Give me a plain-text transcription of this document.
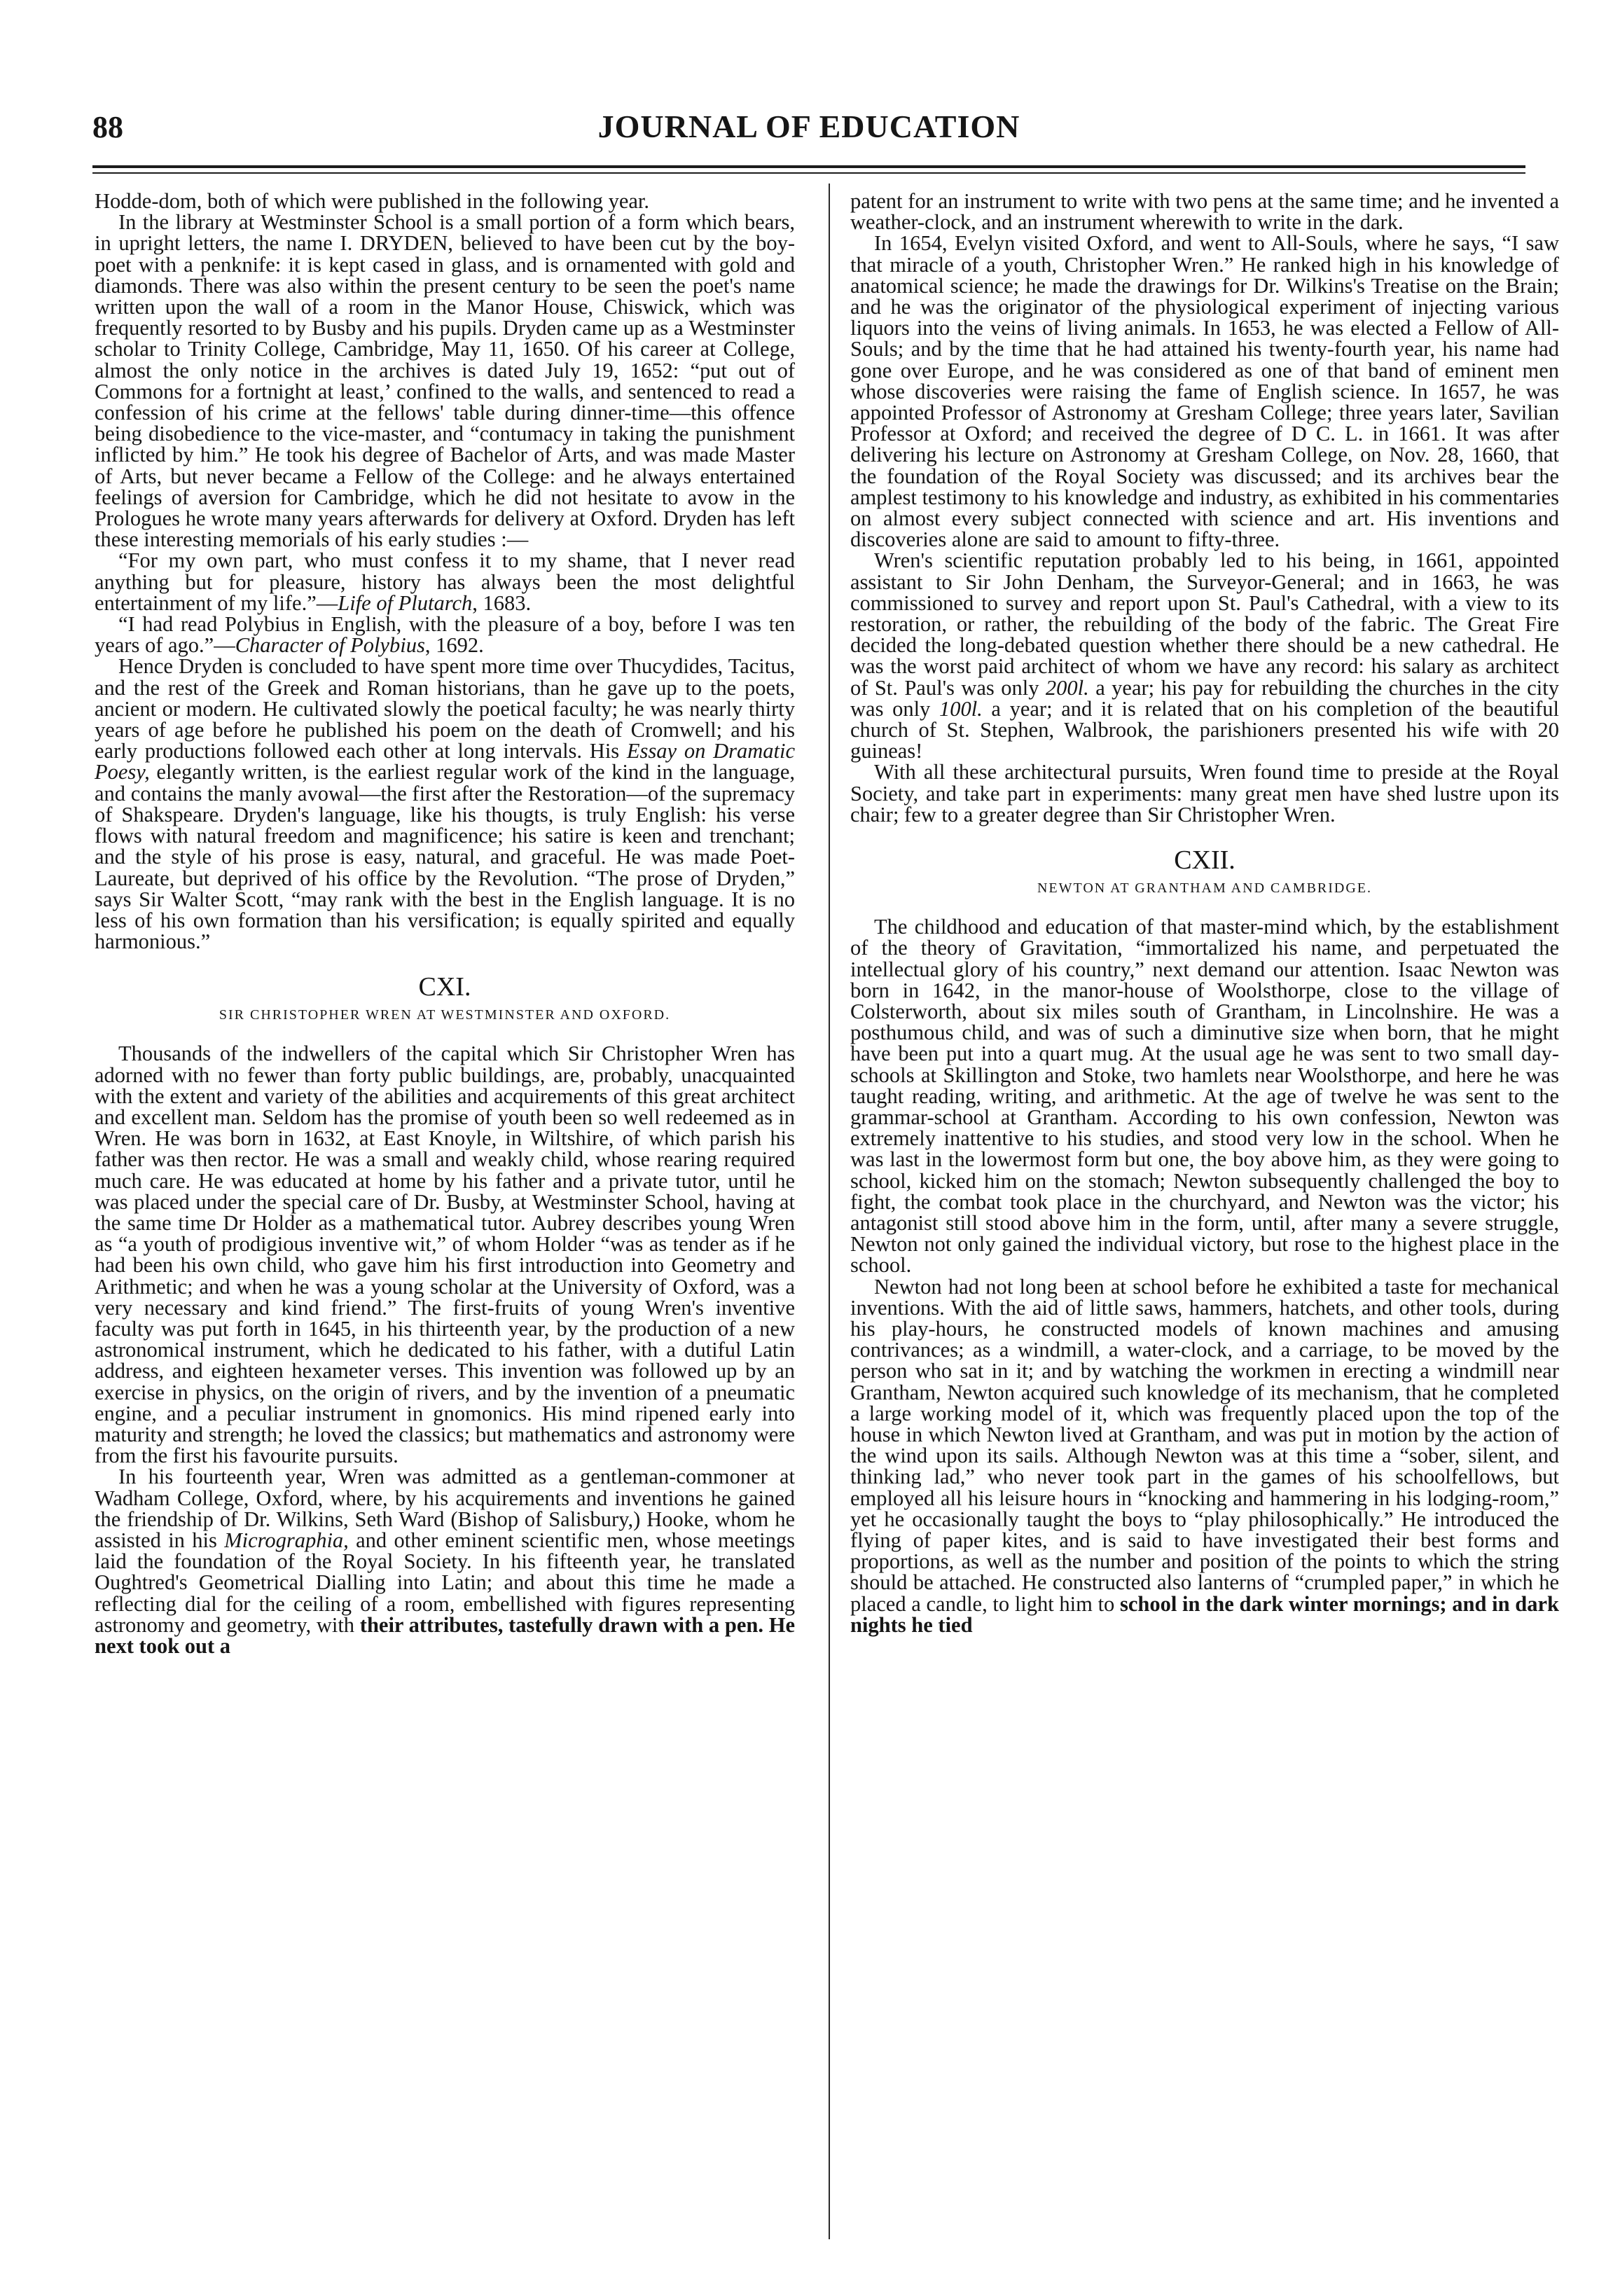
88	JOURNAL OF EDUCATION

Hodde-dom, both of which were published in the following year.

In the library at Westminster School is a small portion of a form which bears, in upright letters, the name I. DRYDEN, believed to have been cut by the boy-poet with a penknife: it is kept cased in glass, and is ornamented with gold and diamonds. There was also within the present century to be seen the poet's name written upon the wall of a room in the Manor House, Chiswick, which was frequently resorted to by Busby and his pupils. Dryden came up as a Westminster scholar to Trinity College, Cambridge, May 11, 1650. Of his career at College, almost the only notice in the archives is dated July 19, 1652: “put out of Commons for a fortnight at least,’ confined to the walls, and sentenced to read a confession of his crime at the fellows' table during dinner-time—this offence being disobedience to the vice-master, and “contumacy in taking the punishment inflicted by him.” He took his degree of Bachelor of Arts, and was made Master of Arts, but never became a Fellow of the College: and he always entertained feelings of aversion for Cambridge, which he did not hesitate to avow in the Prologues he wrote many years afterwards for delivery at Oxford. Dryden has left these interesting memorials of his early studies :—

“For my own part, who must confess it to my shame, that I never read anything but for pleasure, history has always been the most delightful entertainment of my life.”—Life of Plutarch, 1683.

“I had read Polybius in English, with the pleasure of a boy, before I was ten years of ago.”—Character of Polybius, 1692.

Hence Dryden is concluded to have spent more time over Thucydides, Tacitus, and the rest of the Greek and Roman historians, than he gave up to the poets, ancient or modern. He cultivated slowly the poetical faculty; he was nearly thirty years of age before he published his poem on the death of Cromwell; and his early productions followed each other at long intervals. His Essay on Dramatic Poesy, elegantly written, is the earliest regular work of the kind in the language, and contains the manly avowal—the first after the Restoration—of the supremacy of Shakspeare. Dryden's language, like his thougts, is truly English: his verse flows with natural freedom and magnificence; his satire is keen and trenchant; and the style of his prose is easy, natural, and graceful. He was made Poet-Laureate, but deprived of his office by the Revolution. “The prose of Dryden,” says Sir Walter Scott, “may rank with the best in the English language. It is no less of his own formation than his versification; is equally spirited and equally harmonious.”

CXI.
SIR CHRISTOPHER WREN AT WESTMINSTER AND OXFORD.

Thousands of the indwellers of the capital which Sir Christopher Wren has adorned with no fewer than forty public buildings, are, probably, unacquainted with the extent and variety of the abilities and acquirements of this great architect and excellent man. Seldom has the promise of youth been so well redeemed as in Wren. He was born in 1632, at East Knoyle, in Wiltshire, of which parish his father was then rector. He was a small and weakly child, whose rearing required much care. He was educated at home by his father and a private tutor, until he was placed under the special care of Dr. Busby, at Westminster School, having at the same time Dr Holder as a mathematical tutor. Aubrey describes young Wren as “a youth of prodigious inventive wit,” of whom Holder “was as tender as if he had been his own child, who gave him his first introduction into Geometry and Arithmetic; and when he was a young scholar at the University of Oxford, was a very necessary and kind friend.” The first-fruits of young Wren's inventive faculty was put forth in 1645, in his thirteenth year, by the production of a new astronomical instrument, which he dedicated to his father, with a dutiful Latin address, and eighteen hexameter verses. This invention was followed up by an exercise in physics, on the origin of rivers, and by the invention of a pneumatic engine, and a peculiar instrument in gnomonics. His mind ripened early into maturity and strength; he loved the classics; but mathematics and astronomy were from the first his favourite pursuits.

In his fourteenth year, Wren was admitted as a gentleman-commoner at Wadham College, Oxford, where, by his acquirements and inventions he gained the friendship of Dr. Wilkins, Seth Ward (Bishop of Salisbury,) Hooke, whom he assisted in his Micrographia, and other eminent scientific men, whose meetings laid the foundation of the Royal Society. In his fifteenth year, he translated Oughtred's Geometrical Dialling into Latin; and about this time he made a reflecting dial for the ceiling of a room, embellished with figures representing astronomy and geometry, with their attributes, tastefully drawn with a pen. He next took out a

patent for an instrument to write with two pens at the same time; and he invented a weather-clock, and an instrument wherewith to write in the dark.

In 1654, Evelyn visited Oxford, and went to All-Souls, where he says, “I saw that miracle of a youth, Christopher Wren.” He ranked high in his knowledge of anatomical science; he made the drawings for Dr. Wilkins's Treatise on the Brain; and he was the originator of the physiological experiment of injecting various liquors into the veins of living animals. In 1653, he was elected a Fellow of All-Souls; and by the time that he had attained his twenty-fourth year, his name had gone over Europe, and he was considered as one of that band of eminent men whose discoveries were raising the fame of English science. In 1657, he was appointed Professor of Astronomy at Gresham College; three years later, Savilian Professor at Oxford; and received the degree of D C. L. in 1661. It was after delivering his lecture on Astronomy at Gresham College, on Nov. 28, 1660, that the foundation of the Royal Society was discussed; and its archives bear the amplest testimony to his knowledge and industry, as exhibited in his commentaries on almost every subject connected with science and art. His inventions and discoveries alone are said to amount to fifty-three.

Wren's scientific reputation probably led to his being, in 1661, appointed assistant to Sir John Denham, the Surveyor-General; and in 1663, he was commissioned to survey and report upon St. Paul's Cathedral, with a view to its restoration, or rather, the rebuilding of the body of the fabric. The Great Fire decided the long-debated question whether there should be a new cathedral. He was the worst paid architect of whom we have any record: his salary as architect of St. Paul's was only 200l. a year; his pay for rebuilding the churches in the city was only 100l. a year; and it is related that on his completion of the beautiful church of St. Stephen, Walbrook, the parishioners presented his wife with 20 guineas!

With all these architectural pursuits, Wren found time to preside at the Royal Society, and take part in experiments: many great men have shed lustre upon its chair; few to a greater degree than Sir Christopher Wren.

CXII.
NEWTON AT GRANTHAM AND CAMBRIDGE.

The childhood and education of that master-mind which, by the establishment of the theory of Gravitation, “immortalized his name, and perpetuated the intellectual glory of his country,” next demand our attention. Isaac Newton was born in 1642, in the manor-house of Woolsthorpe, close to the village of Colsterworth, about six miles south of Grantham, in Lincolnshire. He was a posthumous child, and was of such a diminutive size when born, that he might have been put into a quart mug. At the usual age he was sent to two small day-schools at Skillington and Stoke, two hamlets near Woolsthorpe, and here he was taught reading, writing, and arithmetic. At the age of twelve he was sent to the grammar-school at Grantham. According to his own confession, Newton was extremely inattentive to his studies, and stood very low in the school. When he was last in the lowermost form but one, the boy above him, as they were going to school, kicked him on the stomach; Newton subsequently challenged the boy to fight, the combat took place in the churchyard, and Newton was the victor; his antagonist still stood above him in the form, until, after many a severe struggle, Newton not only gained the individual victory, but rose to the highest place in the school.

Newton had not long been at school before he exhibited a taste for mechanical inventions. With the aid of little saws, hammers, hatchets, and other tools, during his play-hours, he constructed models of known machines and amusing contrivances; as a windmill, a water-clock, and a carriage, to be moved by the person who sat in it; and by watching the workmen in erecting a windmill near Grantham, Newton acquired such knowledge of its mechanism, that he completed a large working model of it, which was frequently placed upon the top of the house in which Newton lived at Grantham, and was put in motion by the action of the wind upon its sails. Although Newton was at this time a “sober, silent, and thinking lad,” who never took part in the games of his schoolfellows, but employed all his leisure hours in “knocking and hammering in his lodging-room,” yet he occasionally taught the boys to “play philosophically.” He introduced the flying of paper kites, and is said to have investigated their best forms and proportions, as well as the number and position of the points to which the string should be attached. He constructed also lanterns of “crumpled paper,” in which he placed a candle, to light him to school in the dark winter mornings; and in dark nights he tied
